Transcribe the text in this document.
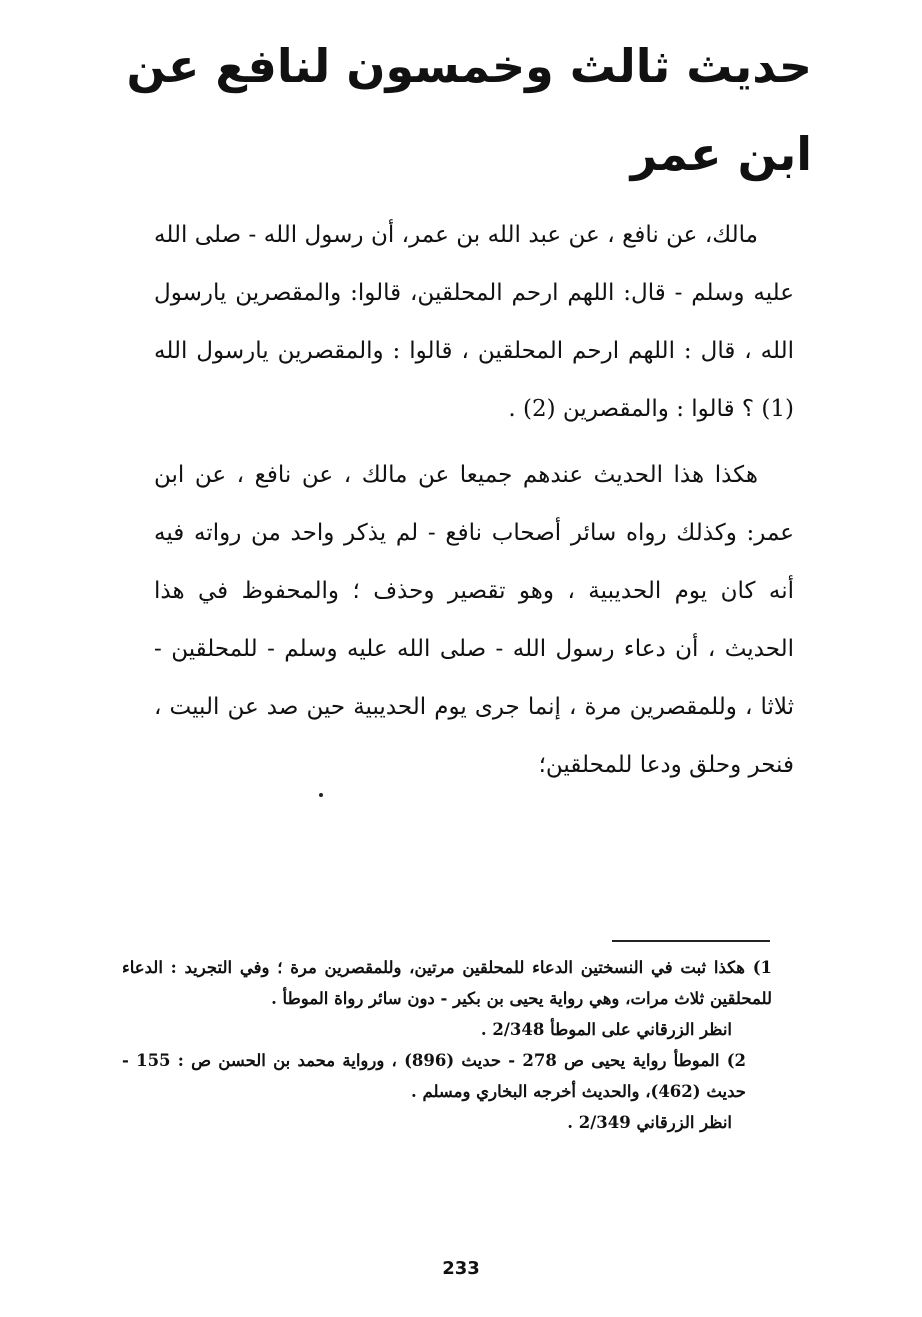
حديث ثالث وخمسون لنافع عن ابن عمر

مالك، عن نافع ، عن عبد الله بن عمر، أن رسول الله - صلى الله عليه وسلم - قال: اللهم ارحم المحلقين، قالوا: والمقصرين يارسول الله ، قال : اللهم ارحم المحلقين ، قالوا : والمقصرين يارسول الله (1) ؟ قالوا : والمقصرين (2) .

هكذا هذا الحديث عندهم جميعا عن مالك ، عن نافع ، عن ابن عمر: وكذلك رواه سائر أصحاب نافع - لم يذكر واحد من رواته فيه أنه كان يوم الحديبية ، وهو تقصير وحذف ؛ والمحفوظ في هذا الحديث ، أن دعاء رسول الله - صلى الله عليه وسلم - للمحلقين - ثلاثا ، وللمقصرين مرة ، إنما جرى يوم الحديبية حين صد عن البيت ، فنحر وحلق ودعا للمحلقين؛

1) هكذا ثبت في النسختين الدعاء للمحلقين مرتين، وللمقصرين مرة ؛ وفي التجريد : الدعاء للمحلقين ثلاث مرات، وهي رواية يحيى بن بكير - دون سائر رواة الموطأ .

انظر الزرقاني على الموطأ 2/348 .

2) الموطأ رواية يحيى ص 278 - حديث (896) ، ورواية محمد بن الحسن ص : 155 - حديث (462)، والحديث أخرجه البخاري ومسلم .

انظر الزرقاني 2/349 .

233
